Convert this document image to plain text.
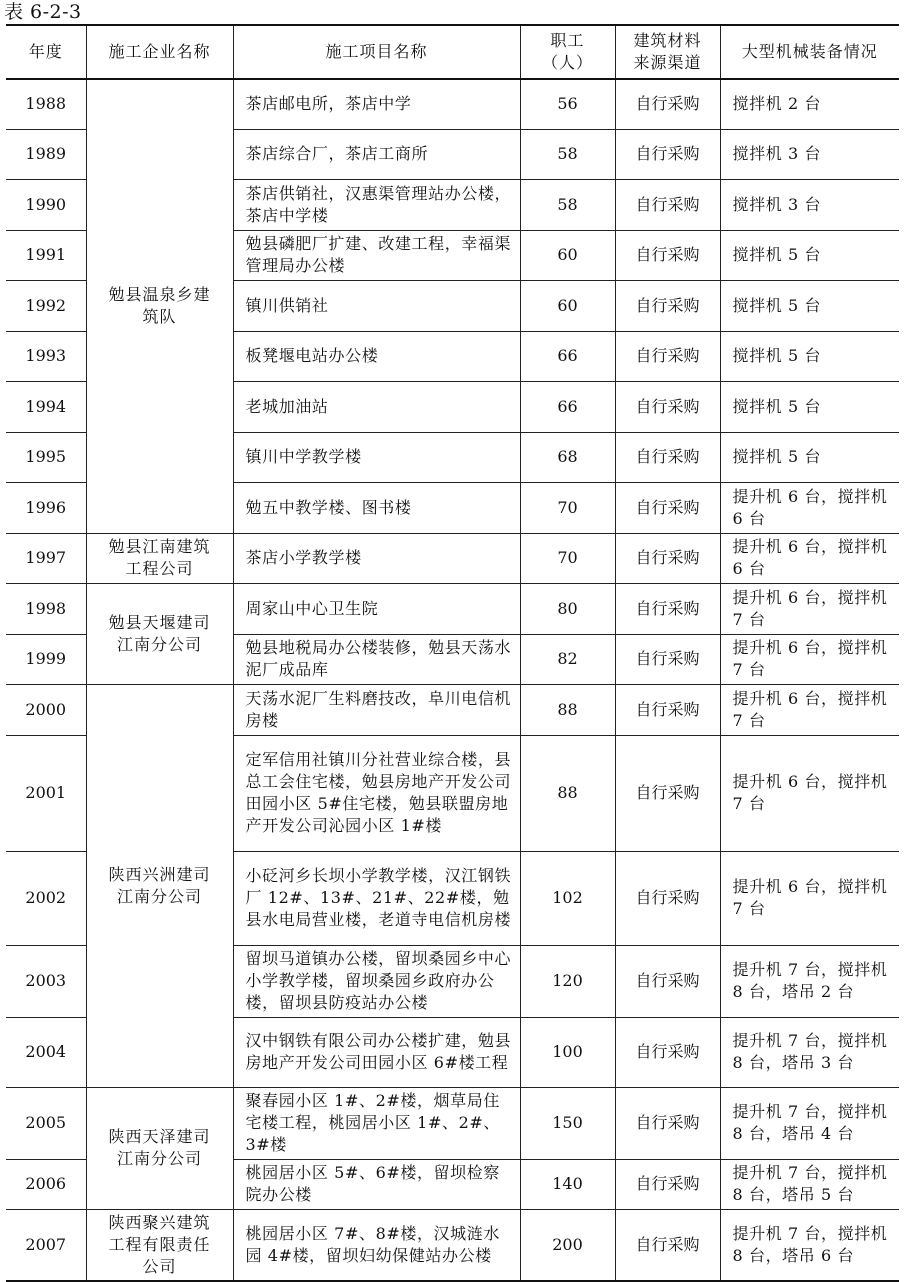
表 6-2-3
年度	施工企业名称	施工项目名称	职工（人）	建筑材料来源渠道	大型机械装备情况
1988	勉县温泉乡建筑队	茶店邮电所，茶店中学	56	自行采购	搅拌机 2 台
1989		茶店综合厂，茶店工商所	58	自行采购	搅拌机 3 台
1990		茶店供销社，汉惠渠管理站办公楼，茶店中学楼	58	自行采购	搅拌机 3 台
1991		勉县磷肥厂扩建、改建工程，幸福渠管理局办公楼	60	自行采购	搅拌机 5 台
1992		镇川供销社	60	自行采购	搅拌机 5 台
1993		板凳堰电站办公楼	66	自行采购	搅拌机 5 台
1994		老城加油站	66	自行采购	搅拌机 5 台
1995		镇川中学教学楼	68	自行采购	搅拌机 5 台
1996		勉五中教学楼、图书楼	70	自行采购	提升机 6 台，搅拌机 6 台
1997	勉县江南建筑工程公司	茶店小学教学楼	70	自行采购	提升机 6 台，搅拌机 6 台
1998	勉县天堰建司江南分公司	周家山中心卫生院	80	自行采购	提升机 6 台，搅拌机 7 台
1999		勉县地税局办公楼装修，勉县天荡水泥厂成品库	82	自行采购	提升机 6 台，搅拌机 7 台
2000	陕西兴洲建司江南分公司	天荡水泥厂生料磨技改，阜川电信机房楼	88	自行采购	提升机 6 台，搅拌机 7 台
2001		定军信用社镇川分社营业综合楼，县总工会住宅楼，勉县房地产开发公司田园小区 5#住宅楼，勉县联盟房地产开发公司沁园小区 1#楼	88	自行采购	提升机 6 台，搅拌机 7 台
2002		小砭河乡长坝小学教学楼，汉江钢铁厂 12#、13#、21#、22#楼，勉县水电局营业楼，老道寺电信机房楼	102	自行采购	提升机 6 台，搅拌机 7 台
2003		留坝马道镇办公楼，留坝桑园乡中心小学教学楼，留坝桑园乡政府办公楼，留坝县防疫站办公楼	120	自行采购	提升机 7 台，搅拌机 8 台，塔吊 2 台
2004		汉中钢铁有限公司办公楼扩建，勉县房地产开发公司田园小区 6#楼工程	100	自行采购	提升机 7 台，搅拌机 8 台，塔吊 3 台
2005	陕西天泽建司江南分公司	聚春园小区 1#、2#楼，烟草局住宅楼工程，桃园居小区 1#、2#、3#楼	150	自行采购	提升机 7 台，搅拌机 8 台，塔吊 4 台
2006		桃园居小区 5#、6#楼，留坝检察院办公楼	140	自行采购	提升机 7 台，搅拌机 8 台，塔吊 5 台
2007	陕西聚兴建筑工程有限责任公司	桃园居小区 7#、8#楼，汉城涟水园 4#楼，留坝妇幼保健站办公楼	200	自行采购	提升机 7 台，搅拌机 8 台，塔吊 6 台
